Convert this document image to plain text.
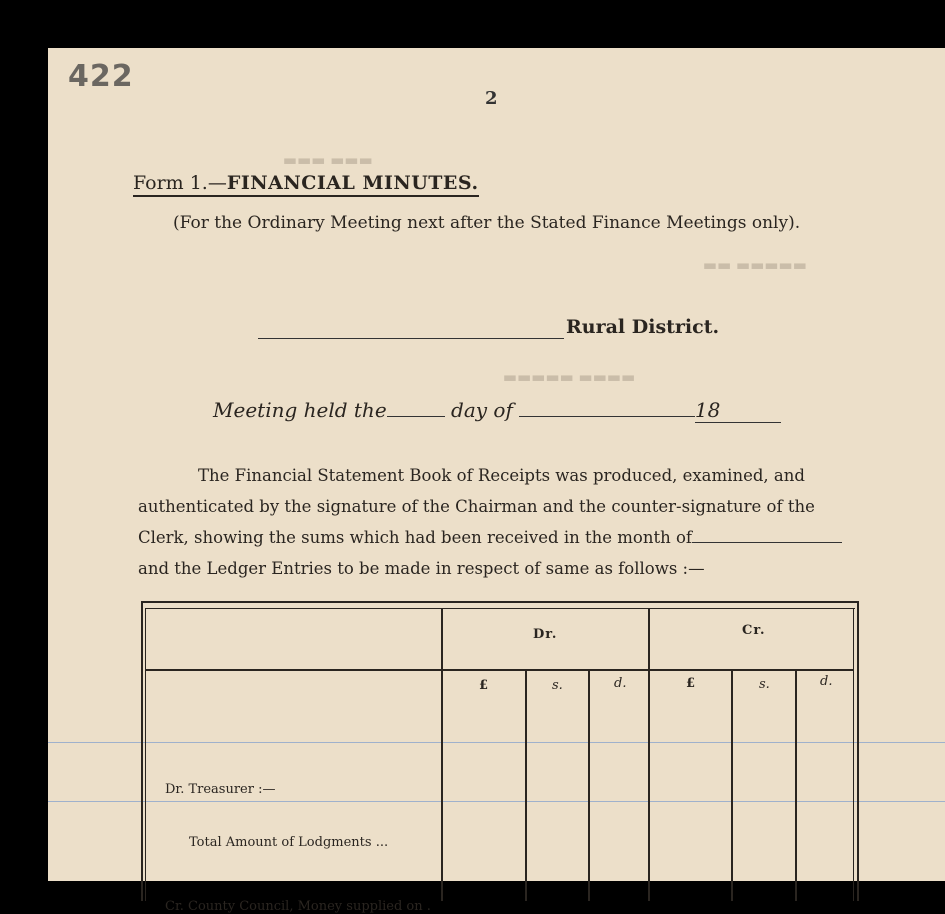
422
2
▬▬▬ ▬▬▬
▬▬▬▬▬ ▬▬
▬▬▬▬ ▬▬▬▬▬
Form 1.—FINANCIAL MINUTES.
(For the Ordinary Meeting next after the Stated Finance Meetings only).
Rural District.
Meeting held the	day of	18
The Financial Statement Book of Receipts was produced, examined, and
authenticated by the signature of the Chairman and the counter-signature of the
Clerk, showing the sums which had been received in the month of
and the Ledger Entries to be made in respect of same as follows :—
Dr.	Cr.
£	s.	d.	£	s.	d.
Dr. Treasurer :—
Total Amount of Lodgments ...
Cr. County Council, Money supplied on .
